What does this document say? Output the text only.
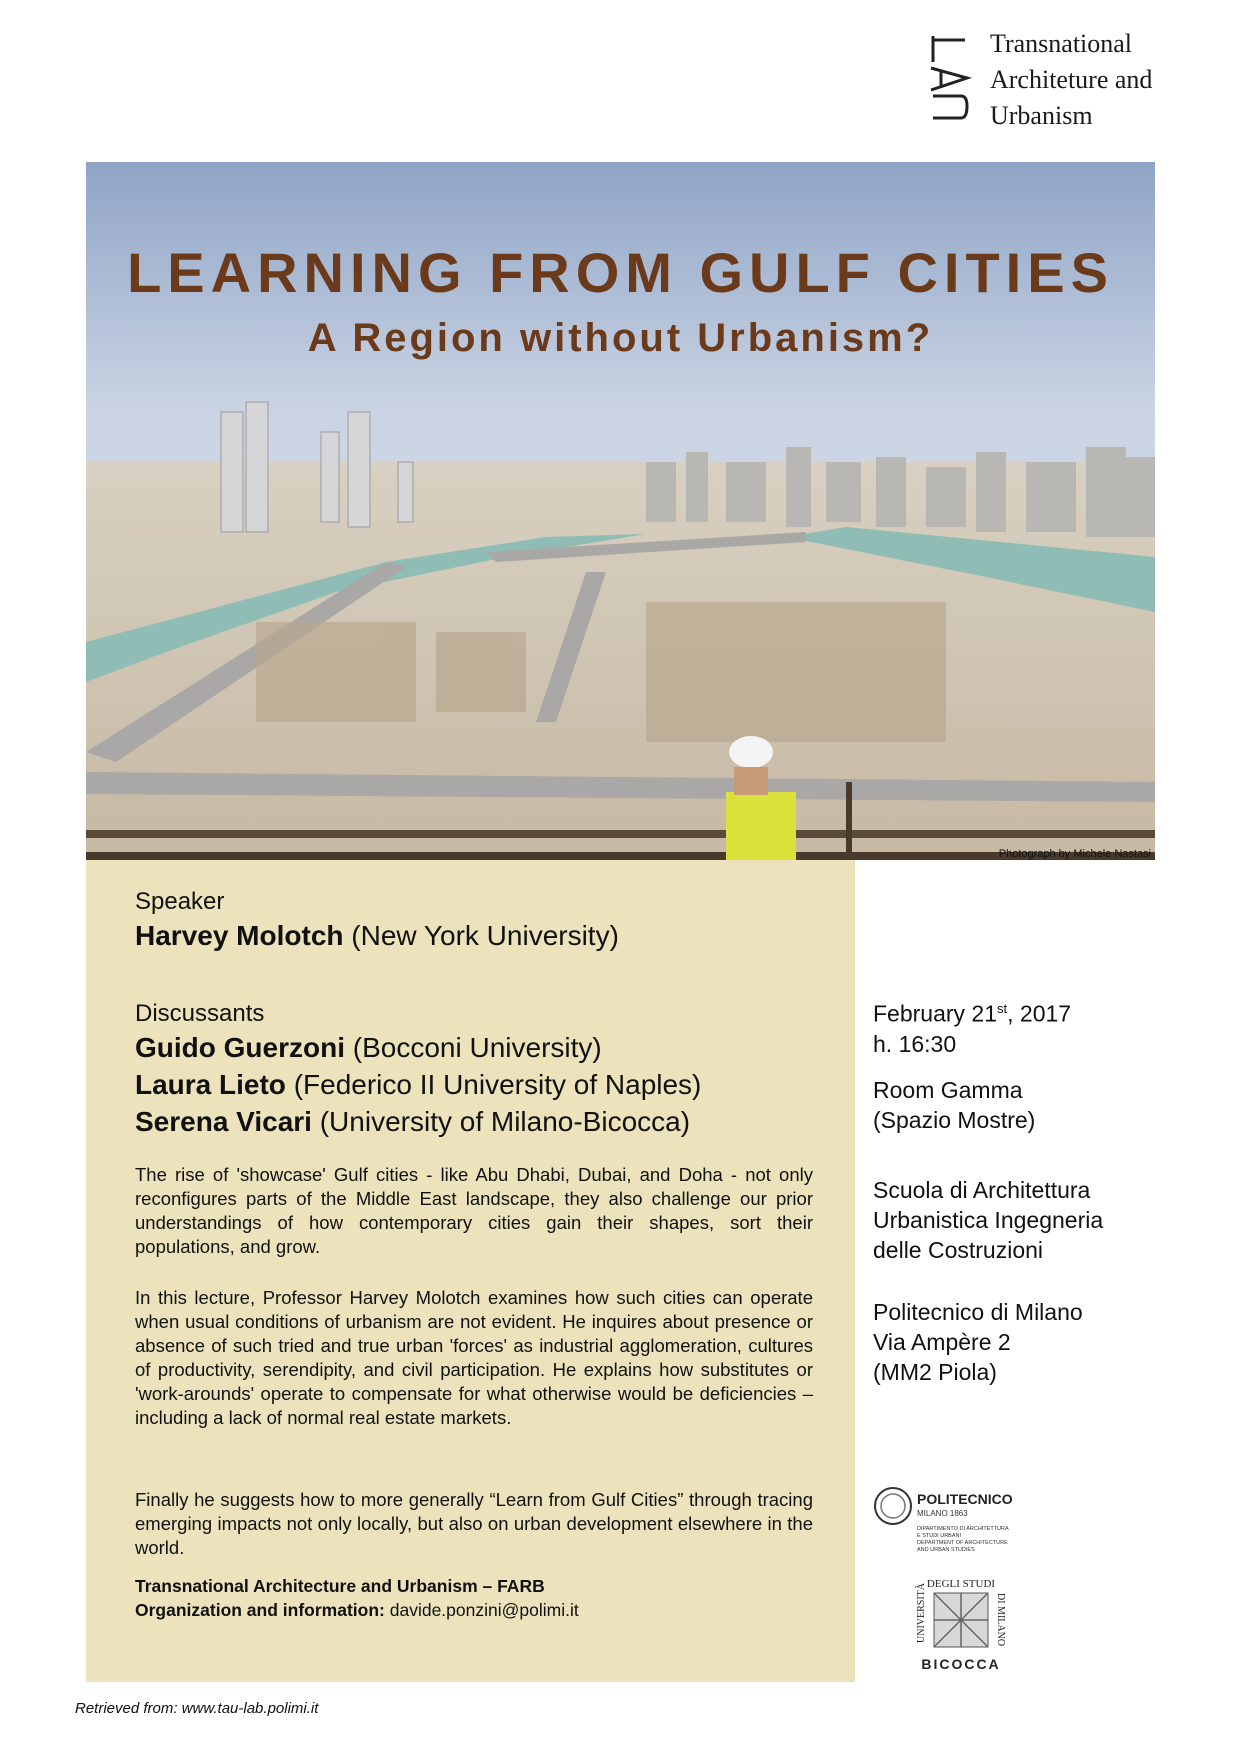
Transnational
Architeture and
Urbanism
LEARNING FROM GULF CITIES
A Region without Urbanism?
Photograph by Michele Nastasi
Speaker
Harvey Molotch (New York University)
Discussants
Guido Guerzoni (Bocconi University)
Laura Lieto (Federico II University of Naples)
Serena Vicari (University of Milano-Bicocca)
The rise of 'showcase' Gulf cities - like Abu Dhabi, Dubai, and Doha - not only reconfigures parts of the Middle East landscape, they also challenge our prior understandings of how contemporary cities gain their shapes, sort their populations, and grow.
In this lecture, Professor Harvey Molotch examines how such cities can operate when usual conditions of urbanism are not evident. He inquires about presence or absence of such tried and true urban 'forces' as industrial agglomeration, cultures of productivity, serendipity, and civil participation. He explains how substitutes or 'work-arounds' operate to compensate for what otherwise would be deficiencies – including a lack of normal real estate markets.
Finally he suggests how to more generally “Learn from Gulf Cities” through tracing emerging impacts not only locally, but also on urban development elsewhere in the world.
Transnational Architecture and Urbanism – FARB
Organization and information: davide.ponzini@polimi.it
February 21st, 2017
h. 16:30
Room Gamma
(Spazio Mostre)
Scuola di Architettura
Urbanistica Ingegneria
delle Costruzioni
Politecnico di Milano
Via Ampère 2
(MM2 Piola)
POLITECNICO
MILANO 1863
DIPARTIMENTO DI ARCHITETTURA
E STUDI URBANI
DEPARTMENT OF ARCHITECTURE
AND URBAN STUDIES
DEGLI STUDI
UNIVERSITÀ	DI MILANO
BICOCCA
Retrieved from: www.tau-lab.polimi.it
